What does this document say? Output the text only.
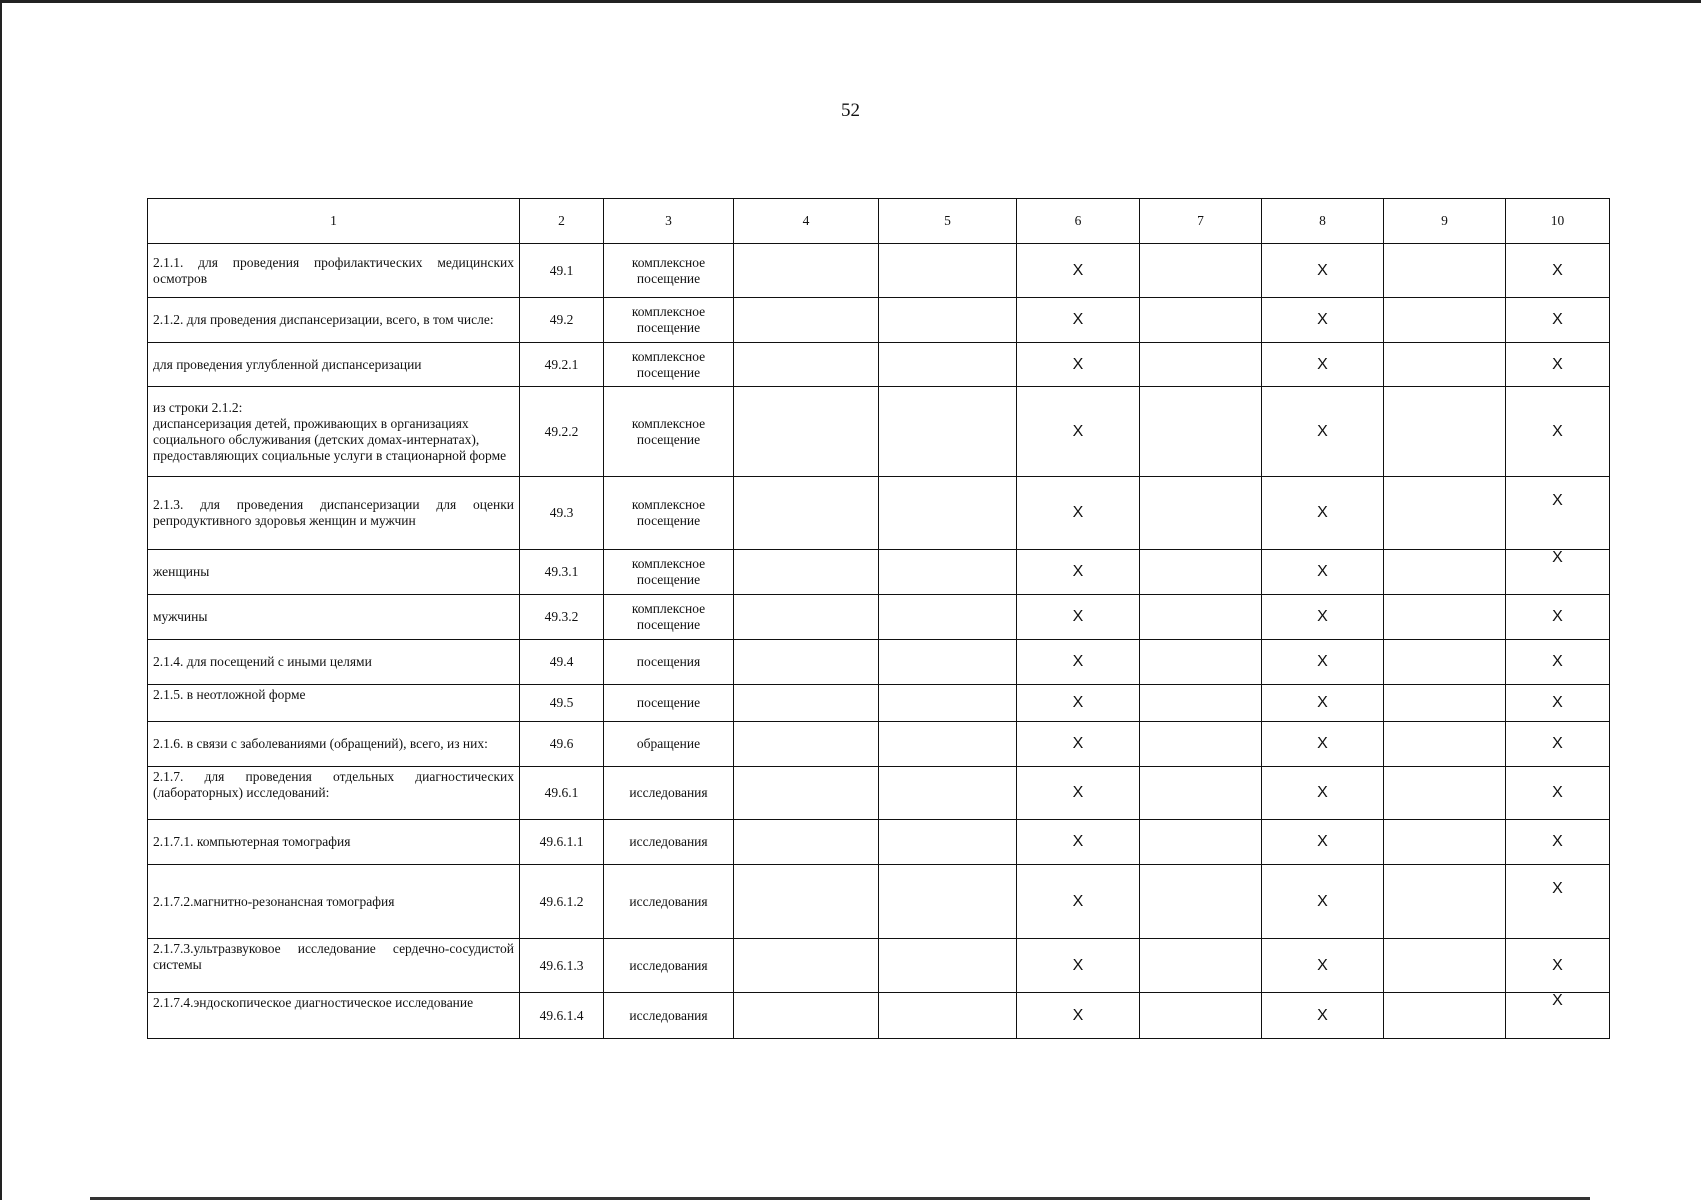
52
1	2	3	4	5	6	7	8	9	10
2.1.1. для проведения профилактических медицинских осмотров	49.1	комплексное посещение			X		X		X
2.1.2. для проведения диспансеризации, всего, в том числе:	49.2	комплексное посещение			X		X		X
для проведения углубленной диспансеризации	49.2.1	комплексное посещение			X		X		X
из строки 2.1.2:
диспансеризация детей, проживающих в организациях социального обслуживания (детских домах-интернатах), предоставляющих социальные услуги в стационарной форме	49.2.2	комплексное посещение			X		X		X
2.1.3. для проведения диспансеризации для оценки репродуктивного здоровья женщин и мужчин	49.3	комплексное посещение			X		X		X
женщины	49.3.1	комплексное посещение			X		X		X
мужчины	49.3.2	комплексное посещение			X		X		X
2.1.4. для посещений с иными целями	49.4	посещения			X		X		X
2.1.5. в неотложной форме	49.5	посещение			X		X		X
2.1.6. в связи с заболеваниями (обращений), всего, из них:	49.6	обращение			X		X		X
2.1.7. для проведения отдельных диагностических (лабораторных) исследований:	49.6.1	исследования			X		X		X
2.1.7.1. компьютерная томография	49.6.1.1	исследования			X		X		X
2.1.7.2.магнитно-резонансная томография	49.6.1.2	исследования			X		X		X
2.1.7.3.ультразвуковое исследование сердечно-сосудистой системы	49.6.1.3	исследования			X		X		X
2.1.7.4.эндоскопическое диагностическое исследование	49.6.1.4	исследования			X		X		X
